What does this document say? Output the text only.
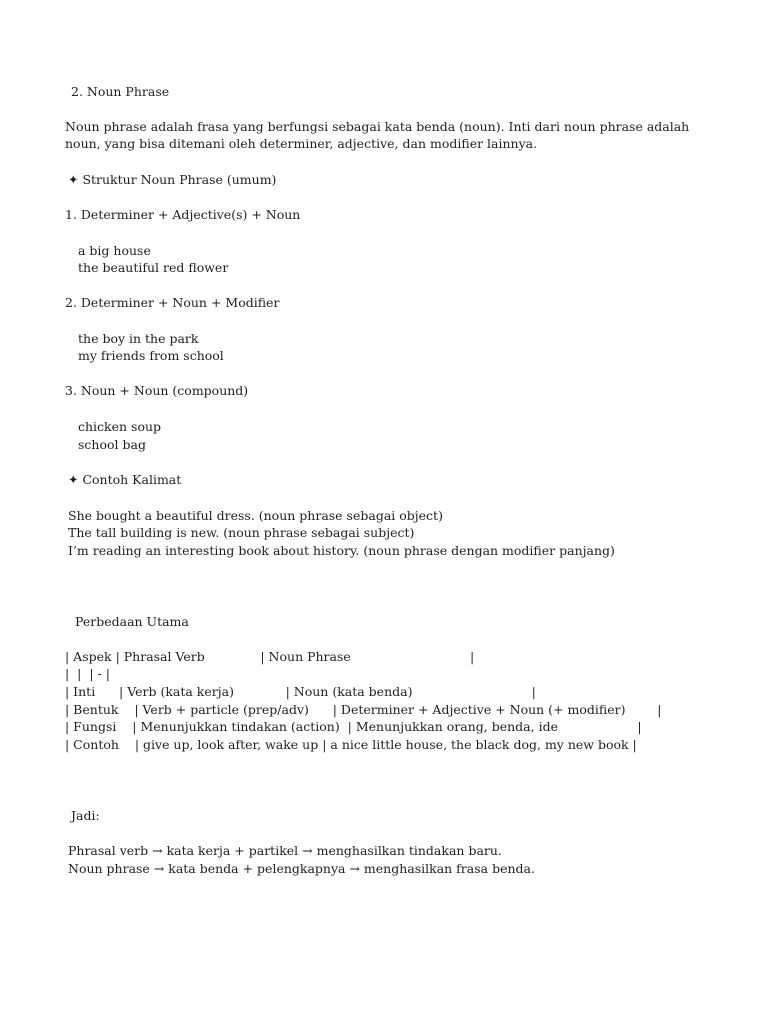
2. Noun Phrase

Noun phrase adalah frasa yang berfungsi sebagai kata benda (noun). Inti dari noun phrase adalah

noun, yang bisa ditemani oleh determiner, adjective, dan modifier lainnya.

✦ Struktur Noun Phrase (umum)

1. Determiner + Adjective(s) + Noun

a big house

the beautiful red flower

2. Determiner + Noun + Modifier

the boy in the park

my friends from school

3. Noun + Noun (compound)

chicken soup

school bag

✦ Contoh Kalimat

She bought a beautiful dress. (noun phrase sebagai object)

The tall building is new. (noun phrase sebagai subject)

I’m reading an interesting book about history. (noun phrase dengan modifier panjang)

Perbedaan Utama

| Aspek | Phrasal Verb              | Noun Phrase                              |

|  |  | - |

| Inti      | Verb (kata kerja)             | Noun (kata benda)                              |

| Bentuk    | Verb + particle (prep/adv)      | Determiner + Adjective + Noun (+ modifier)        |

| Fungsi    | Menunjukkan tindakan (action)  | Menunjukkan orang, benda, ide                    |

| Contoh    | give up, look after, wake up | a nice little house, the black dog, my new book |

Jadi:

Phrasal verb → kata kerja + partikel → menghasilkan tindakan baru.

Noun phrase → kata benda + pelengkapnya → menghasilkan frasa benda.
